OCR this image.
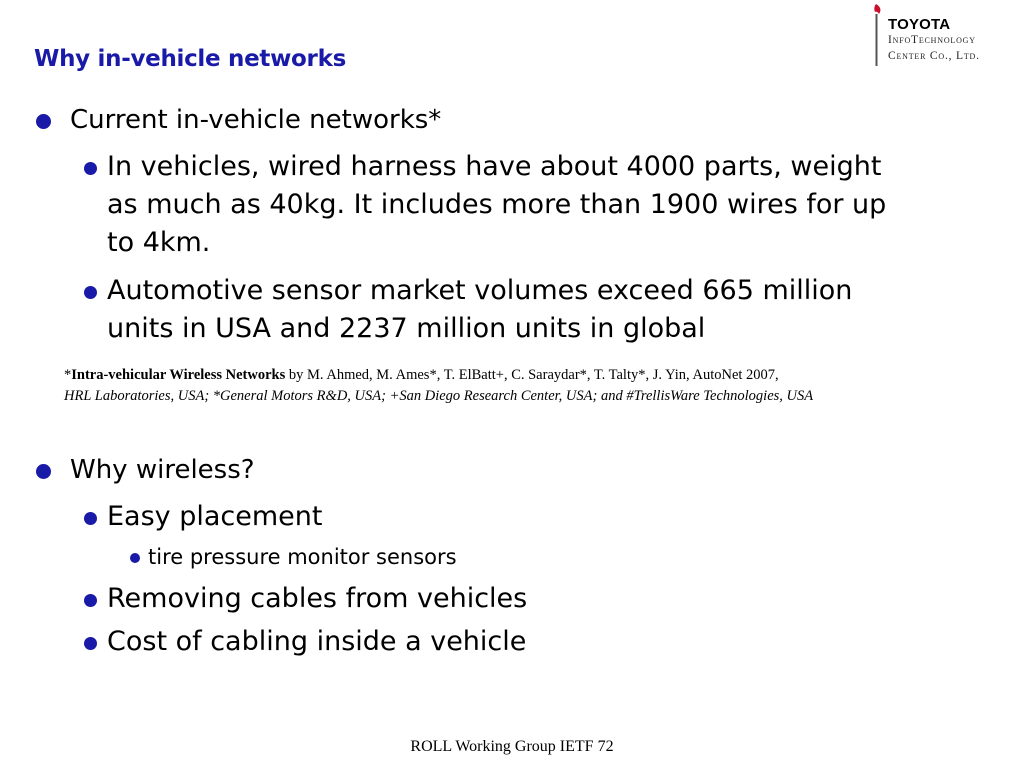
Why in-vehicle networks
TOYOTA
InfoTechnology
Center Co., Ltd.
Current in-vehicle networks*
In vehicles, wired harness have about 4000 parts, weight
as much as 40kg. It includes more than 1900 wires for up
to 4km.
Automotive sensor market volumes exceed 665 million
units in USA and 2237 million units in global
*Intra-vehicular Wireless Networks by M. Ahmed, M. Ames*, T. ElBatt+, C. Saraydar*, T. Talty*, J. Yin, AutoNet 2007,
HRL Laboratories, USA; *General Motors R&D, USA; +San Diego Research Center, USA; and #TrellisWare Technologies, USA
Why wireless?
Easy placement
tire pressure monitor sensors
Removing cables from vehicles
Cost of cabling inside a vehicle
ROLL Working Group IETF 72
